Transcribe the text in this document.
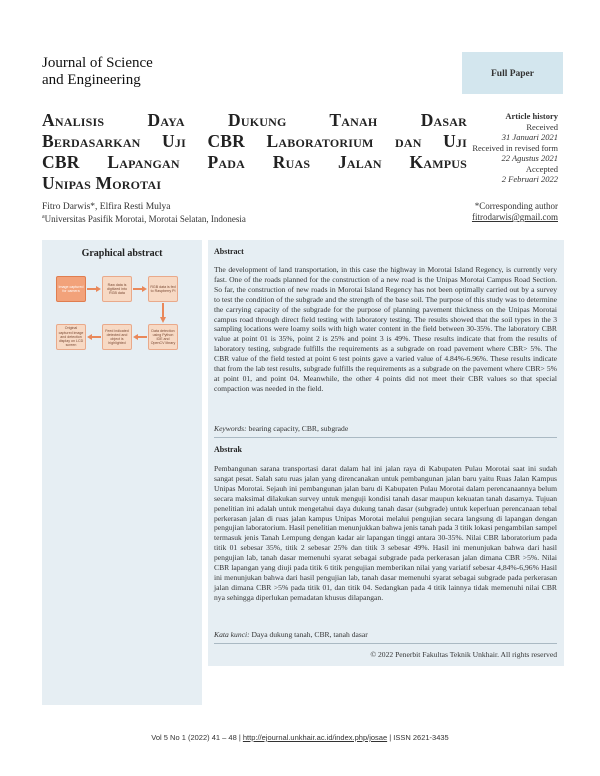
Journal of Science
and Engineering	Full Paper
Analisis Daya Dukung Tanah Dasar
Berdasarkan Uji CBR Laboratorium dan Uji
CBR Lapangan Pada Ruas Jalan Kampus
Unipas Morotai
Article history
Received
31 Januari 2021
Received in revised form
22 Agustus 2021
Accepted
2 Februari 2022
Fitro Darwis*, Elfira Resti Mulya
$^a$Universitas Pasifik Morotai, Morotai Selatan, Indonesia
*Corresponding author
fitrodarwis@gmail.com
Graphical abstract
Image captured for camera
Raw data is digitized into RGB data
RGB data is fed to Raspberry Pi
Original captured image and detection display on LCD screen
Feed indicated detected and object is highlighted
Data detection using Python IDE and OpenCV library
Abstract
The development of land transportation, in this case the highway in Morotai Island Regency, is currently very fast. One of the roads planned for the construction of a new road is the Unipas Morotai Campus Road Section. So far, the construction of new roads in Morotai Island Regency has not been optimally carried out by a survey to test the condition of the subgrade and the strength of the base soil. The purpose of this study was to determine the carrying capacity of the subgrade for the purpose of planning pavement thickness on the Unipas Morotai campus road through direct field testing with laboratory testing. The results showed that the soil types in the 3 sampling locations were loamy soils with high water content in the field between 30-35%. The laboratory CBR value at point 01 is 35%, point 2 is 25% and point 3 is 49%. These results indicate that from the results of laboratory testing, subgrade fulfills the requirements as a subgrade on road pavement where CBR> 5%. The CBR value of the field tested at point 6 test points gave a varied value of 4.84%-6.96%. These results indicate that from the lab test results, subgrade fulfills the requirements as a subgrade on the pavement where CBR> 5% at point 01, and point 04. Meanwhile, the other 4 points did not meet their CBR values so that special compaction was needed in the field.
Keywords: bearing capacity, CBR, subgrade
Abstrak
Pembangunan sarana transportasi darat dalam hal ini jalan raya di Kabupaten Pulau Morotai saat ini sudah sangat pesat. Salah satu ruas jalan yang direncanakan untuk pembangunan jalan baru yaitu Ruas Jalan Kampus Unipas Morotai. Sejauh ini pembangunan jalan baru di Kabupaten Pulau Morotai dalam perencanaannya belum secara maksimal dilakukan survey untuk menguji kondisi tanah dasar maupun kekuatan tanah dasarnya. Tujuan penelitian ini adalah untuk mengetahui daya dukung tanah dasar (subgrade) untuk keperluan perencanaan tebal perkerasan jalan di ruas jalan kampus Unipas Morotai melalui pengujian secara langsung di lapangan dengan pengujian laboratorium. Hasil penelitian menunjukkan bahwa jenis tanah pada 3 titik lokasi pengambilan sampel termasuk jenis Tanah Lempung dengan kadar air lapangan tinggi antara 30-35%. Nilai CBR laboratorium pada titik 01 sebesar 35%, titik 2 sebesar 25% dan titik 3 sebesar 49%. Hasil ini menunjukan bahwa dari hasil pengujian lab, tanah dasar memenuhi syarat sebagai subgrade pada perkerasan jalan dimana CBR >5%. Nilai CBR lapangan yang diuji pada titik 6 titik pengujian memberikan nilai yang variatif sebesar 4,84%-6,96% Hasil ini menunjukan bahwa dari hasil pengujian lab, tanah dasar memenuhi syarat sebagai subgrade pada perkerasan jalan dimana CBR >5% pada titik 01, dan titik 04. Sedangkan pada 4 titik lainnya tidak memenuhi nilai CBR nya sehingga diperlukan pemadatan khusus dilapangan.
Kata kunci: Daya dukung tanah, CBR, tanah dasar
© 2022 Penerbit Fakultas Teknik Unkhair. All rights reserved
Vol 5 No 1 (2022) 41 – 48 | http://ejournal.unkhair.ac.id/index.php/josae | ISSN 2621-3435
